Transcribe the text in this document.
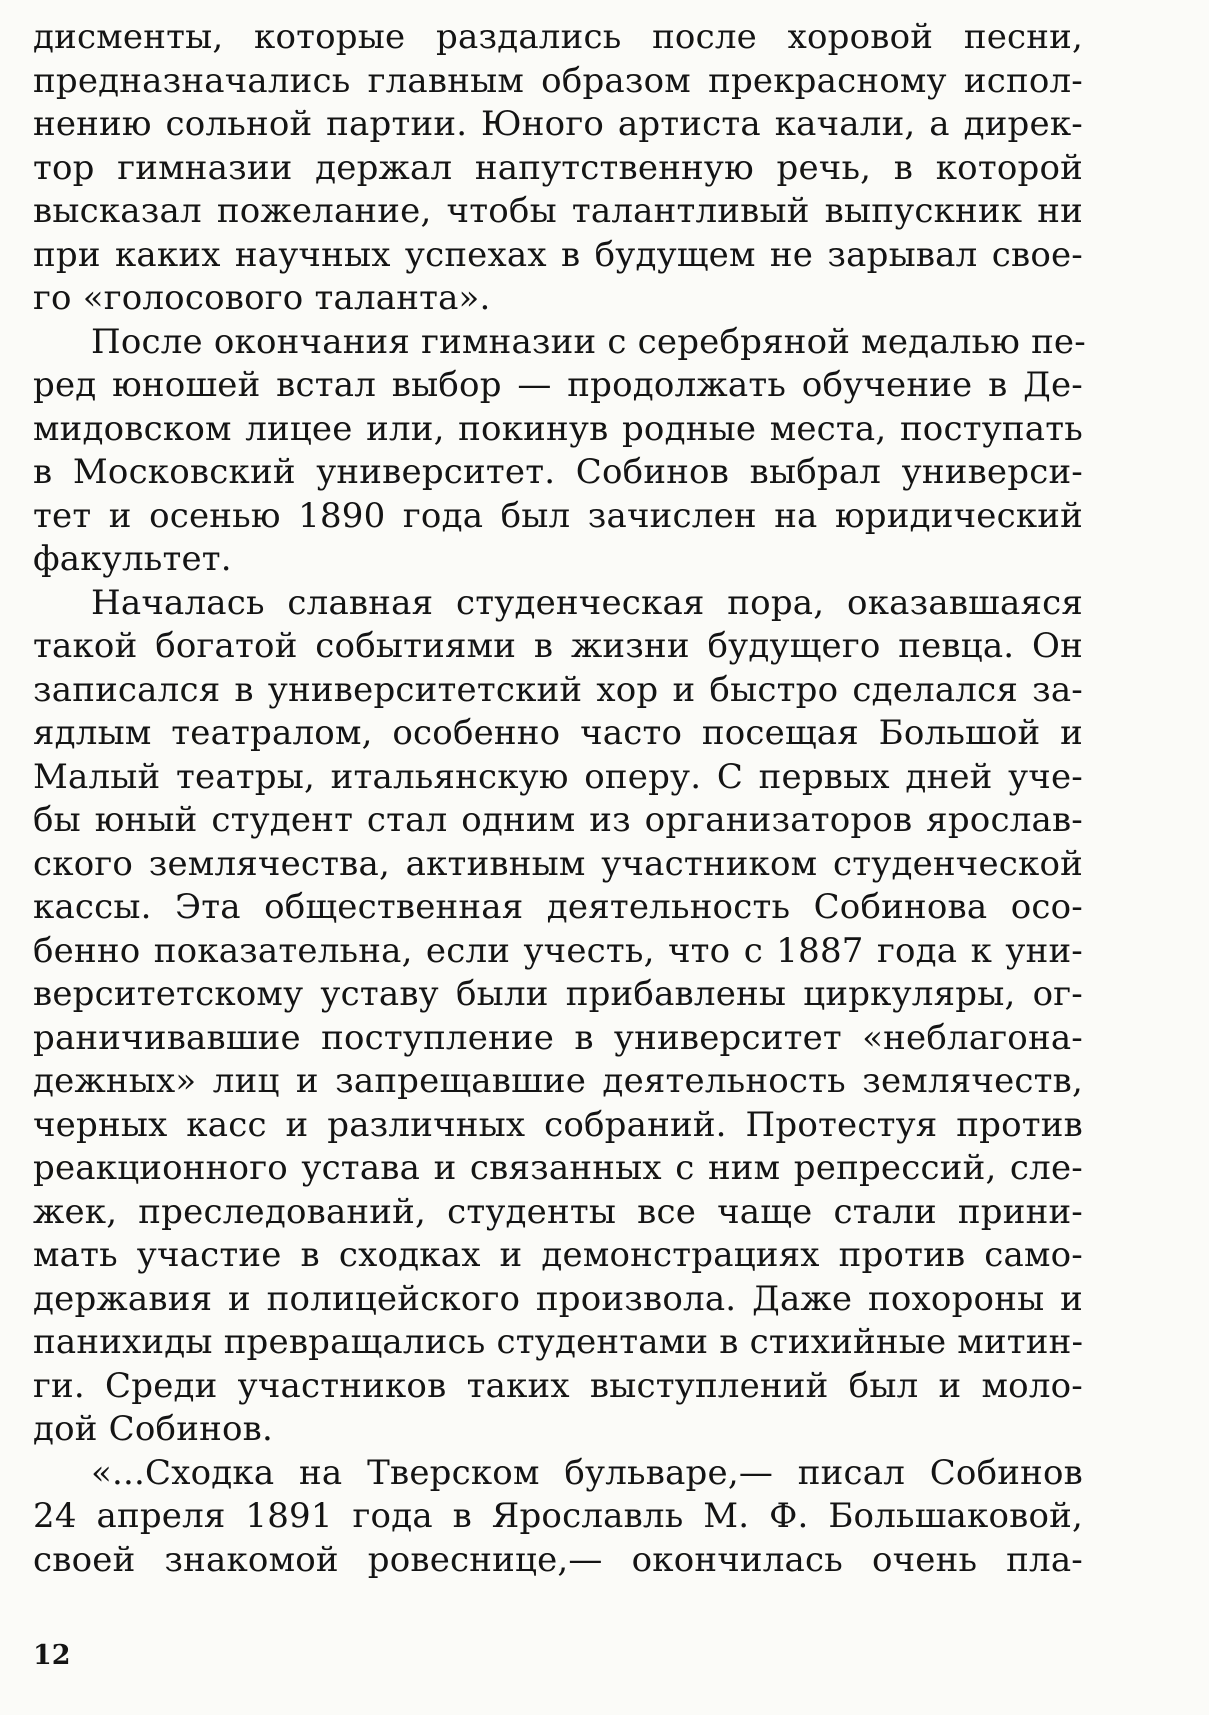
дисменты, которые раздались после хоровой песни,
предназначались главным образом прекрасному испол-
нению сольной партии. Юного артиста качали, а дирек-
тор гимназии держал напутственную речь, в которой
высказал пожелание, чтобы талантливый выпускник ни
при каких научных успехах в будущем не зарывал свое-
го «голосового таланта».
После окончания гимназии с серебряной медалью пе-
ред юношей встал выбор — продолжать обучение в Де-
мидовском лицее или, покинув родные места, поступать
в Московский университет. Собинов выбрал универси-
тет и осенью 1890 года был зачислен на юридический
факультет.
Началась славная студенческая пора, оказавшаяся
такой богатой событиями в жизни будущего певца. Он
записался в университетский хор и быстро сделался за-
ядлым театралом, особенно часто посещая Большой и
Малый театры, итальянскую оперу. С первых дней уче-
бы юный студент стал одним из организаторов ярослав-
ского землячества, активным участником студенческой
кассы. Эта общественная деятельность Собинова осо-
бенно показательна, если учесть, что с 1887 года к уни-
верситетскому уставу были прибавлены циркуляры, ог-
раничивавшие поступление в университет «неблагона-
дежных» лиц и запрещавшие деятельность землячеств,
черных касс и различных собраний. Протестуя против
реакционного устава и связанных с ним репрессий, сле-
жек, преследований, студенты все чаще стали прини-
мать участие в сходках и демонстрациях против само-
державия и полицейского произвола. Даже похороны и
панихиды превращались студентами в стихийные митин-
ги. Среди участников таких выступлений был и моло-
дой Собинов.
«...Сходка на Тверском бульваре,— писал Собинов
24 апреля 1891 года в Ярославль М. Ф. Большаковой,
своей знакомой ровеснице,— окончилась очень пла-
12
